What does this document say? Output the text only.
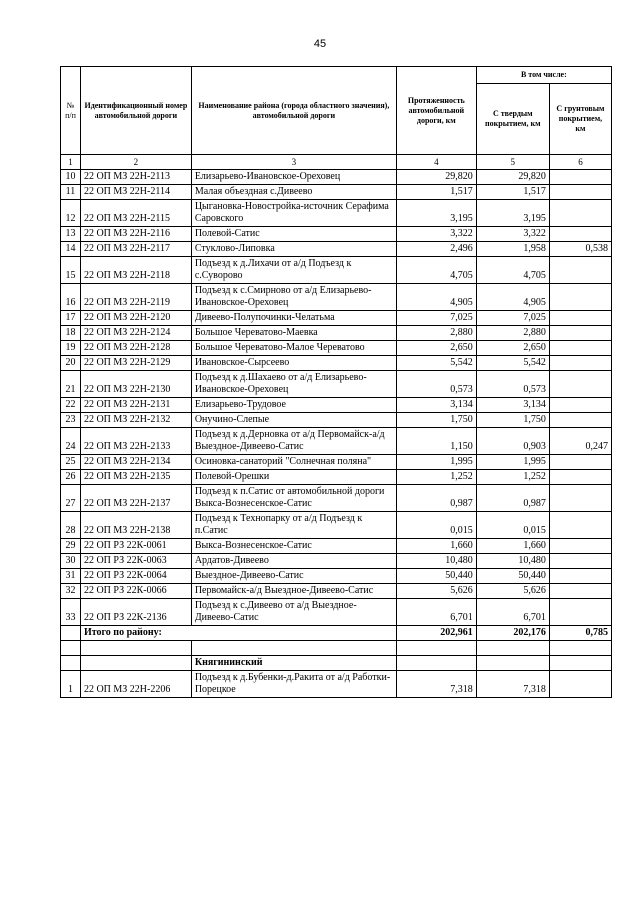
45
№ п/п	Идентификационный номер автомобильной дороги	Наименование района (города областного значения), автомобильной дороги	Протяженность автомобильной дороги, км	В том числе:	
				С твердым покрытием, км	С грунтовым покрытием, км
1	2	3	4	5	6
10	22 ОП МЗ 22Н-2113	Елизарьево-Ивановское-Ореховец	29,820	29,820	
11	22 ОП МЗ 22Н-2114	Малая объездная с.Дивеево	1,517	1,517	
12	22 ОП МЗ 22Н-2115	Цыгановка-Новостройка-источник Серафима Саровского	3,195	3,195	
13	22 ОП МЗ 22Н-2116	Полевой-Сатис	3,322	3,322	
14	22 ОП МЗ 22Н-2117	Стуклово-Липовка	2,496	1,958	0,538
15	22 ОП МЗ 22Н-2118	Подъезд к д.Лихачи от а/д Подъезд к с.Суворово	4,705	4,705	
16	22 ОП МЗ 22Н-2119	Подъезд к с.Смирново от а/д Елизарьево-Ивановское-Ореховец	4,905	4,905	
17	22 ОП МЗ 22Н-2120	Дивеево-Полупочинки-Челатьма	7,025	7,025	
18	22 ОП МЗ 22Н-2124	Большое Череватово-Маевка	2,880	2,880	
19	22 ОП МЗ 22Н-2128	Большое Череватово-Малое Череватово	2,650	2,650	
20	22 ОП МЗ 22Н-2129	Ивановское-Сырсеево	5,542	5,542	
21	22 ОП МЗ 22Н-2130	Подъезд к д.Шахаево от а/д Елизарьево-Ивановское-Ореховец	0,573	0,573	
22	22 ОП МЗ 22Н-2131	Елизарьево-Трудовое	3,134	3,134	
23	22 ОП МЗ 22Н-2132	Онучино-Слепые	1,750	1,750	
24	22 ОП МЗ 22Н-2133	Подъезд к д.Дерновка от а/д Первомайск-а/д Выездное-Дивеево-Сатис	1,150	0,903	0,247
25	22 ОП МЗ 22Н-2134	Осиновка-санаторий "Солнечная поляна"	1,995	1,995	
26	22 ОП МЗ 22Н-2135	Полевой-Орешки	1,252	1,252	
27	22 ОП МЗ 22Н-2137	Подъезд к п.Сатис от автомобильной дороги Выкса-Вознесенское-Сатис	0,987	0,987	
28	22 ОП МЗ 22Н-2138	Подъезд к Технопарку от а/д Подъезд к п.Сатис	0,015	0,015	
29	22 ОП РЗ 22К-0061	Выкса-Вознесенское-Сатис	1,660	1,660	
30	22 ОП РЗ 22К-0063	Ардатов-Дивеево	10,480	10,480	
31	22 ОП РЗ 22К-0064	Выездное-Дивеево-Сатис	50,440	50,440	
32	22 ОП РЗ 22К-0066	Первомайск-а/д Выездное-Дивеево-Сатис	5,626	5,626	
33	22 ОП РЗ 22К-2136	Подъезд к с.Дивеево от а/д Выездное-Дивеево-Сатис	6,701	6,701	
	Итого по району:		202,961	202,176	0,785

		Княгининский			
1	22 ОП МЗ 22Н-2206	Подъезд к д.Бубенки-д.Ракита от а/д Работки-Порецкое	7,318	7,318	
